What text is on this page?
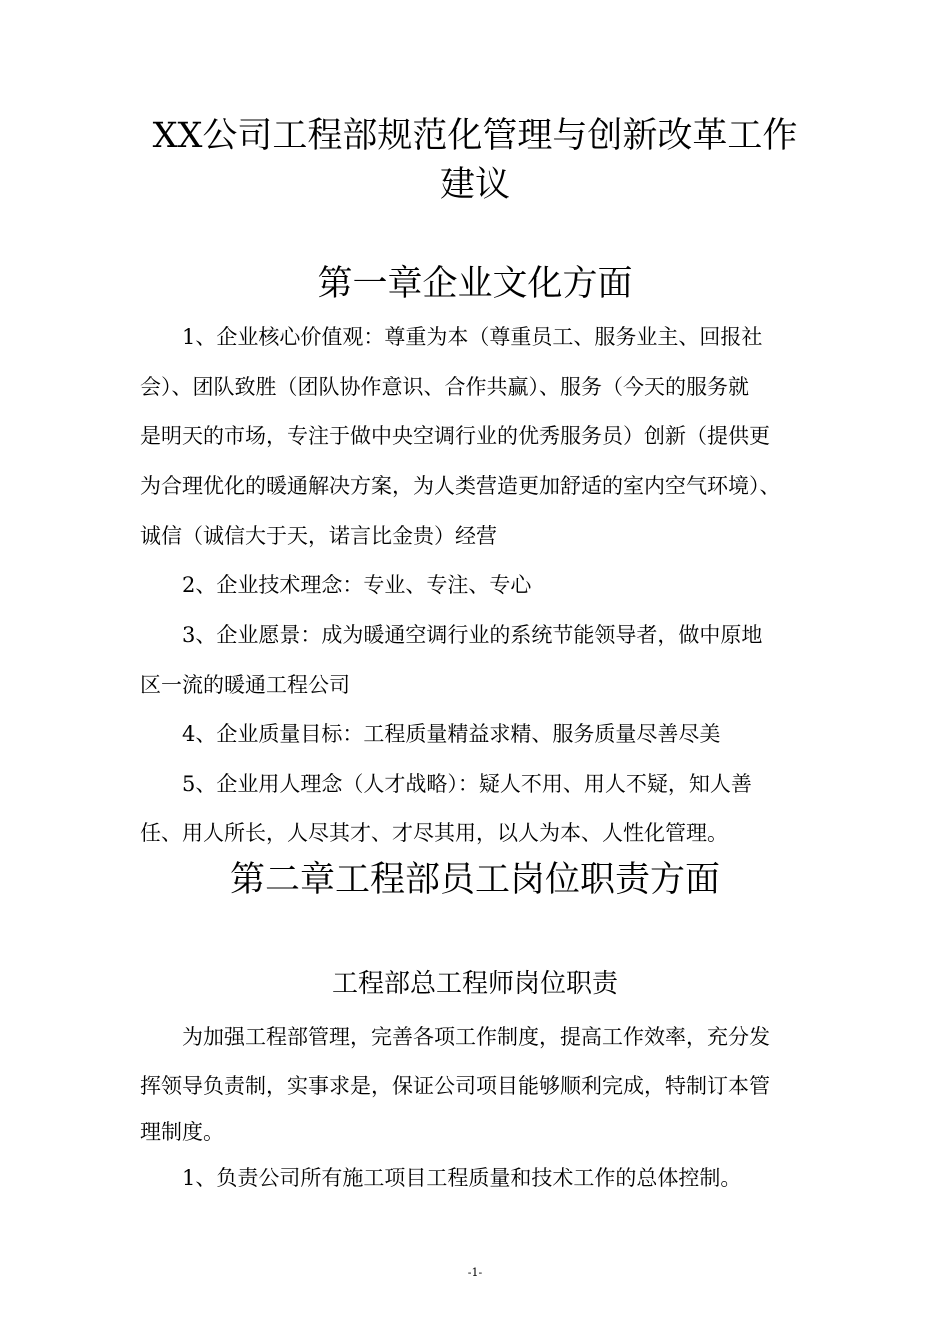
XX公司工程部规范化管理与创新改革工作
建议
第一章企业文化方面

1、企业核心价值观：尊重为本（尊重员工、服务业主、回报社

会）、团队致胜（团队协作意识、合作共赢）、服务（今天的服务就

是明天的市场，专注于做中央空调行业的优秀服务员）创新（提供更

为合理优化的暖通解决方案，为人类营造更加舒适的室内空气环境）、

诚信（诚信大于天，诺言比金贵）经营

2、企业技术理念：专业、专注、专心

3、企业愿景：成为暖通空调行业的系统节能领导者，做中原地

区一流的暖通工程公司

4、企业质量目标：工程质量精益求精、服务质量尽善尽美

5、企业用人理念（人才战略）：疑人不用、用人不疑，知人善

任、用人所长，人尽其才、才尽其用，以人为本、人性化管理。

第二章工程部员工岗位职责方面
工程部总工程师岗位职责

为加强工程部管理，完善各项工作制度，提高工作效率，充分发

挥领导负责制，实事求是，保证公司项目能够顺利完成，特制订本管

理制度。

1、负责公司所有施工项目工程质量和技术工作的总体控制。

-1-
